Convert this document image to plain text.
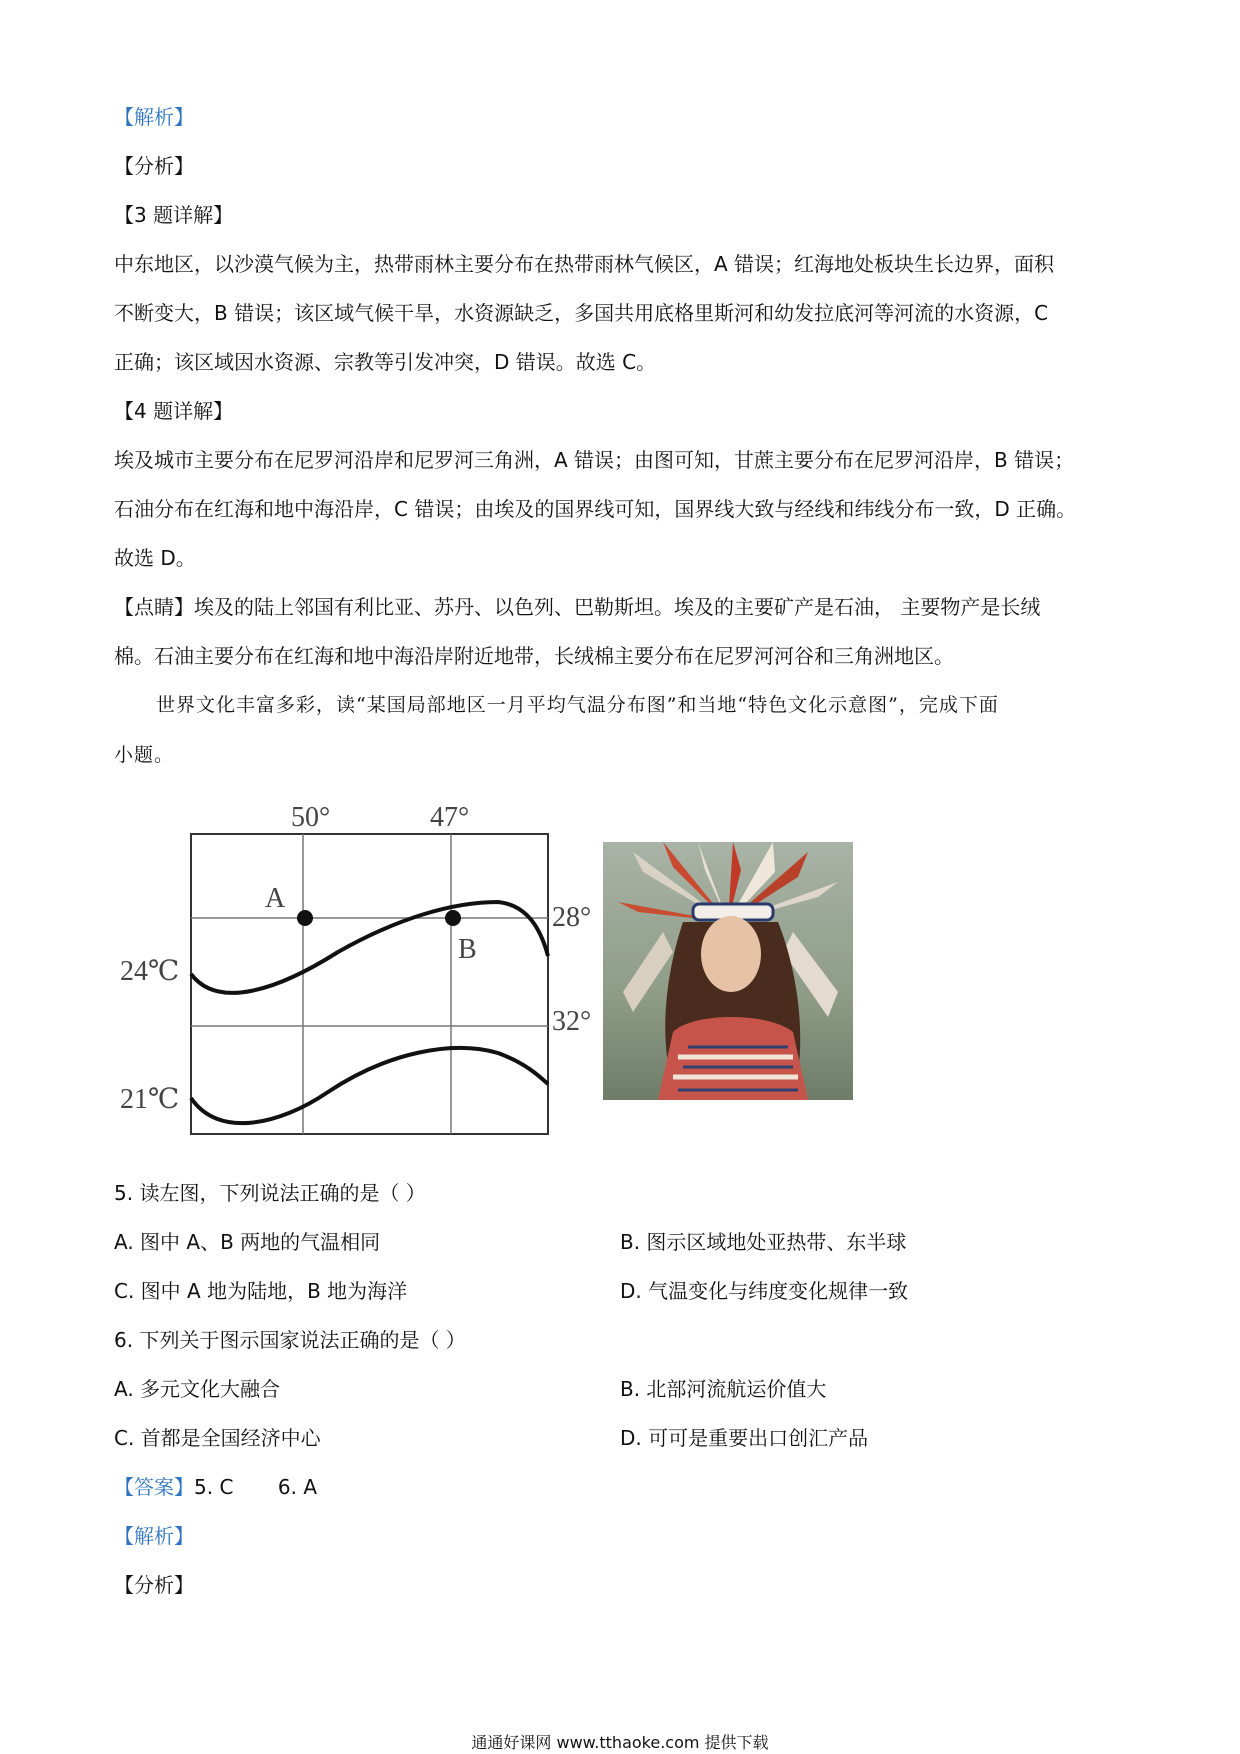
【解析】
【分析】
【3 题详解】
中东地区，以沙漠气候为主，热带雨林主要分布在热带雨林气候区，A 错误；红海地处板块生长边界，面积
不断变大，B 错误；该区域气候干旱，水资源缺乏，多国共用底格里斯河和幼发拉底河等河流的水资源，C
正确；该区域因水资源、宗教等引发冲突，D 错误。故选 C。
【4 题详解】
埃及城市主要分布在尼罗河沿岸和尼罗河三角洲，A 错误；由图可知，甘蔗主要分布在尼罗河沿岸，B 错误；
石油分布在红海和地中海沿岸，C 错误；由埃及的国界线可知，国界线大致与经线和纬线分布一致，D 正确。
故选 D。
【点睛】埃及的陆上邻国有利比亚、苏丹、以色列、巴勒斯坦。埃及的主要矿产是石油， 主要物产是长绒
棉。石油主要分布在红海和地中海沿岸附近地带，长绒棉主要分布在尼罗河河谷和三角洲地区。
世界文化丰富多彩，读“某国局部地区一月平均气温分布图”和当地“特色文化示意图”，完成下面
小题。
50°	47°
28°
32°
24℃
21℃
A
B
5. 读左图，下列说法正确的是（ ）
A. 图中 A、B 两地的气温相同	B. 图示区域地处亚热带、东半球
C. 图中 A 地为陆地，B 地为海洋	D. 气温变化与纬度变化规律一致
6. 下列关于图示国家说法正确的是（ ）
A. 多元文化大融合	B. 北部河流航运价值大
C. 首都是全国经济中心	D. 可可是重要出口创汇产品
【答案】5. C       6. A
【解析】
【分析】
通通好课网 www.tthaoke.com 提供下载
